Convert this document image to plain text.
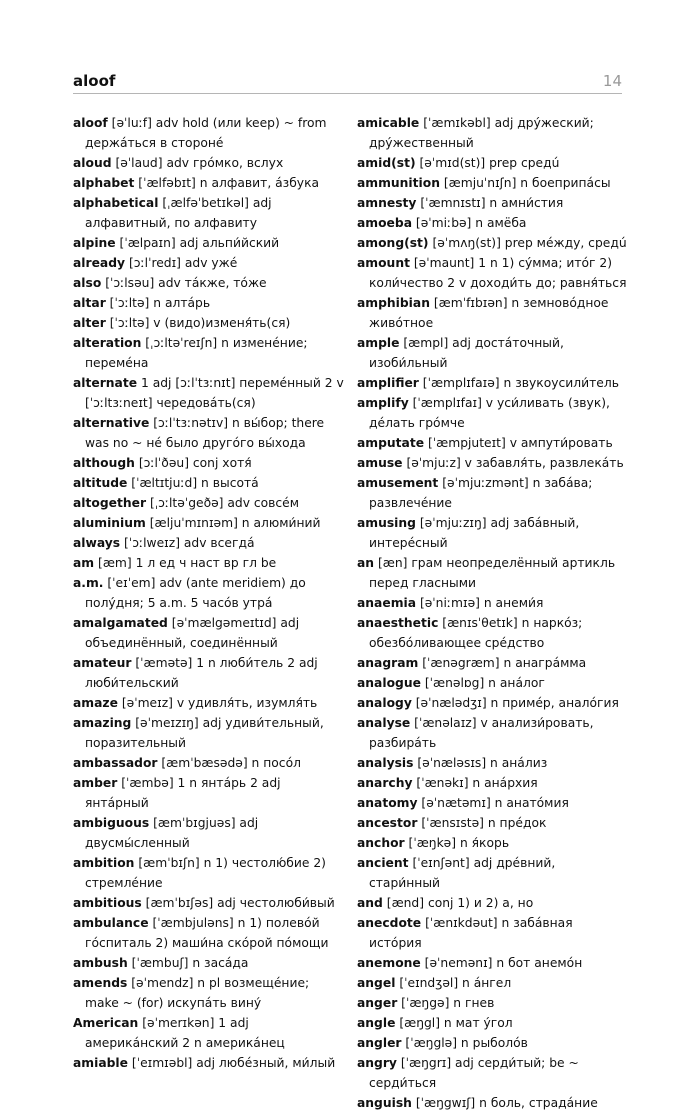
aloof	14
aloof [əˈluːf] adv hold (или keep) ~ from держáться в сторонé
aloud [əˈlaud] adv грóмко, вслух
alphabet [ˈælfəbɪt] n алфавит, áзбука
alphabetical [ˌælfəˈbetɪkəl] adj алфавитный, по алфавиту
alpine [ˈælpaɪn] adj альпи́йский
already [ɔːlˈredɪ] adv ужé
also [ˈɔːlsəu] adv тáкже, тóже
altar [ˈɔːltə] n алтáрь
alter [ˈɔːltə] v (видо)изменя́ть(ся)
alteration [ˌɔːltəˈreɪʃn] n изменéние; перемéна
alternate 1 adj [ɔːlˈtɜːnɪt] перемéнный 2 v [ˈɔːltɜːneɪt] чередовáть(ся)
alternative [ɔːlˈtɜːnətɪv] n вы́бор; there was no ~ нé было другóго вы́хода
although [ɔːlˈðəu] conj хотя́
altitude [ˈæltɪtjuːd] n высотá
altogether [ˌɔːltəˈgeðə] adv совсéм
aluminium [æljuˈmɪnɪəm] n алюми́ний
always [ˈɔːlweɪz] adv всегдá
am [æm] 1 л ед ч наст вр гл be
a.m. [ˈeɪˈem] adv (ante meridiem) до полýдня; 5 a.m. 5 часóв утрá
amalgamated [əˈmælgəmeɪtɪd] adj объединённый, соединённый
amateur [ˈæmətə] 1 n люби́тель 2 adj люби́тельский
amaze [əˈmeɪz] v удивля́ть, изумля́ть
amazing [əˈmeɪzɪŋ] adj удиви́тельный, поразительный
ambassador [æmˈbæsədə] n посóл
amber [ˈæmbə] 1 n янтáрь 2 adj янтáрный
ambiguous [æmˈbɪgjuəs] adj двусмы́сленный
ambition [æmˈbɪʃn] n 1) честолю́бие 2) стремлéние
ambitious [æmˈbɪʃəs] adj честолюби́вый
ambulance [ˈæmbjuləns] n 1) полевóй гóспиталь 2) маши́на скóрой пóмощи
ambush [ˈæmbuʃ] n засáда
amends [əˈmendz] n pl возмещéние; make ~ (for) искупáть вину́
American [əˈmerɪkən] 1 adj америкáнский 2 n америкáнец
amiable [ˈeɪmɪəbl] adj любéзный, ми́лый
amicable [ˈæmɪkəbl] adj дрýжеский; дрýжественный
amid(st) [əˈmɪd(st)] prep средú
ammunition [æmjuˈnɪʃn] n боеприпáсы
amnesty [ˈæmnɪstɪ] n амни́стия
amoeba [əˈmiːbə] n амёба
among(st) [əˈmʌŋ(st)] prep мéжду, средú
amount [əˈmaunt] 1 n 1) сýмма; итóг 2) коли́чество 2 v доходи́ть до; равня́ться
amphibian [æmˈfɪbɪən] n земновóдное живóтное
ample [æmpl] adj достáточный, изоби́льный
amplifier [ˈæmplɪfaɪə] n звукоусили́тель
amplify [ˈæmplɪfaɪ] v уси́ливать (звук), дéлать грóмче
amputate [ˈæmpjuteɪt] v ампути́ровать
amuse [əˈmjuːz] v забавля́ть, развлекáть
amusement [əˈmjuːzmənt] n забáва; развлечéние
amusing [əˈmjuːzɪŋ] adj забáвный, интерéсный
an [æn] грам неопределённый артикль перед гласными
anaemia [əˈniːmɪə] n анеми́я
anaesthetic [ænɪsˈθetɪk] n наркóз; обезбóливающее срéдство
anagram [ˈænəgræm] n анагрáмма
analogue [ˈænəlɒg] n анáлог
analogy [əˈnælədʒɪ] n примéр, аналóгия
analyse [ˈænəlaɪz] v анализи́ровать, разбирáть
analysis [əˈnæləsɪs] n анáлиз
anarchy [ˈænəkɪ] n анáрхия
anatomy [əˈnætəmɪ] n анатóмия
ancestor [ˈænsɪstə] n прéдок
anchor [ˈæŋkə] n я́корь
ancient [ˈeɪnʃənt] adj дрéвний, стари́нный
and [ænd] conj 1) и 2) а, но
anecdote [ˈænɪkdəut] n забáвная истóрия
anemone [əˈnemənɪ] n бот анемóн
angel [ˈeɪndʒəl] n áнгел
anger [ˈæŋgə] n гнев
angle [æŋgl] n мат ýгол
angler [ˈæŋglə] n рыболóв
angry [ˈæŋgrɪ] adj серди́тый; be ~ серди́ться
anguish [ˈæŋgwɪʃ] n боль, страдáние
